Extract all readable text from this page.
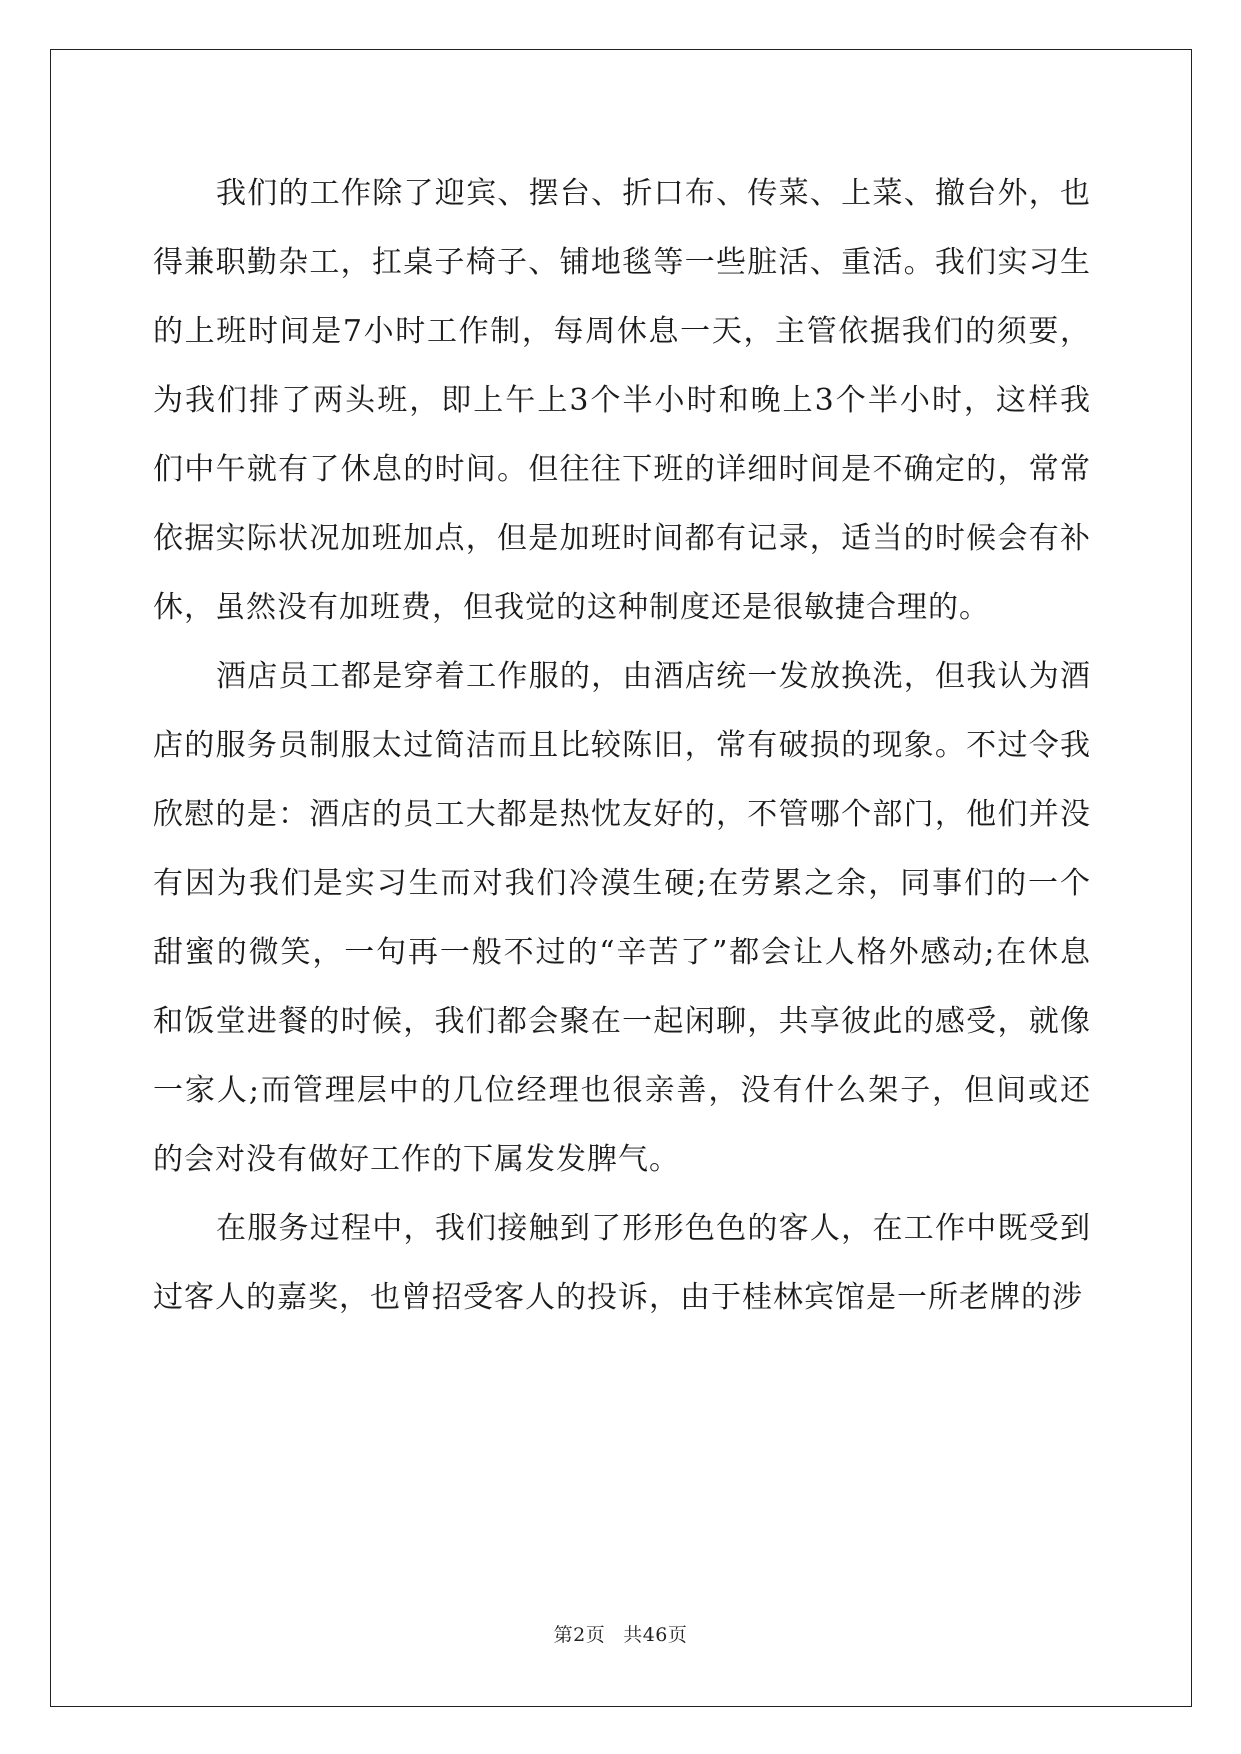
我们的工作除了迎宾、摆台、折口布、传菜、上菜、撤台外，也得兼职勤杂工，扛桌子椅子、铺地毯等一些脏活、重活。我们实习生的上班时间是7小时工作制，每周休息一天，主管依据我们的须要，为我们排了两头班，即上午上3个半小时和晚上3个半小时，这样我们中午就有了休息的时间。但往往下班的详细时间是不确定的，常常依据实际状况加班加点，但是加班时间都有记录，适当的时候会有补休，虽然没有加班费，但我觉的这种制度还是很敏捷合理的。

酒店员工都是穿着工作服的，由酒店统一发放换洗，但我认为酒店的服务员制服太过简洁而且比较陈旧，常有破损的现象。不过令我欣慰的是：酒店的员工大都是热忱友好的，不管哪个部门，他们并没有因为我们是实习生而对我们冷漠生硬;在劳累之余，同事们的一个甜蜜的微笑，一句再一般不过的“辛苦了”都会让人格外感动;在休息和饭堂进餐的时候，我们都会聚在一起闲聊，共享彼此的感受，就像一家人;而管理层中的几位经理也很亲善，没有什么架子，但间或还的会对没有做好工作的下属发发脾气。

在服务过程中，我们接触到了形形色色的客人，在工作中既受到过客人的嘉奖，也曾招受客人的投诉，由于桂林宾馆是一所老牌的涉

第2页 共46页
